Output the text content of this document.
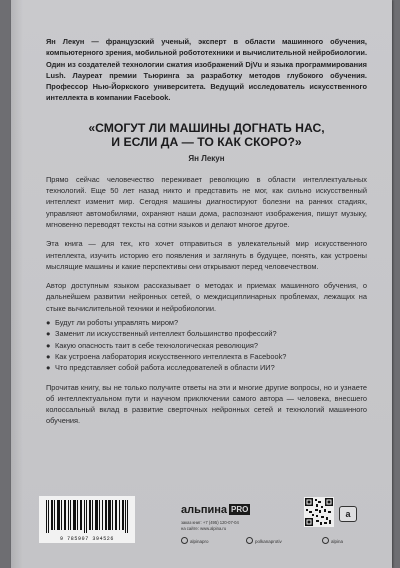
Ян Лекун — французский ученый, эксперт в области машинного обучения, компьютерного зрения, мобильной робототехники и вычислительной нейробиологии. Один из создателей технологии сжатия изображений DjVu и языка программирования Lush. Лауреат премии Тьюринга за разработку методов глубокого обучения. Профессор Нью-Йоркского университета. Ведущий исследователь искусственного интеллекта в компании Facebook.

«СМОГУТ ЛИ МАШИНЫ ДОГНАТЬ НАС,
И ЕСЛИ ДА — ТО КАК СКОРО?»
Ян Лекун

Прямо сейчас человечество переживает революцию в области интеллектуальных технологий. Еще 50 лет назад никто и представить не мог, как сильно искусственный интеллект изменит мир. Сегодня машины диагностируют болезни на ранних стадиях, управляют автомобилями, охраняют наши дома, распознают изображения, пишут музыку, мгновенно переводят тексты на сотни языков и делают многое другое.

Эта книга — для тех, кто хочет отправиться в увлекательный мир искусственного интеллекта, изучить историю его появления и заглянуть в будущее, понять, как устроены мыслящие машины и какие перспективы они открывают перед человечеством.

Автор доступным языком рассказывает о методах и приемах машинного обучения, о дальнейшем развитии нейронных сетей, о междисциплинарных проблемах, лежащих на стыке вычислительной техники и нейробиологии.

● Будут ли роботы управлять миром?
● Заменит ли искусственный интеллект большинство профессий?
● Какую опасность таит в себе технологическая революция?
● Как устроена лаборатория искусственного интеллекта в Facebook?
● Что представляет собой работа исследователей в области ИИ?

Прочитав книгу, вы не только получите ответы на эти и многие другие вопросы, но и узнаете об интеллектуальном пути и научном приключении самого автора — человека, внесшего колоссальный вклад в развитие сверточных нейронных сетей и технологий машинного обучения.

9 785907 394526
альпина PRO
заказ книг: +7 (495) 120-07-04
на сайте: www.alpina.ru
a
alpinapro	polkanaprotiv	alpina
